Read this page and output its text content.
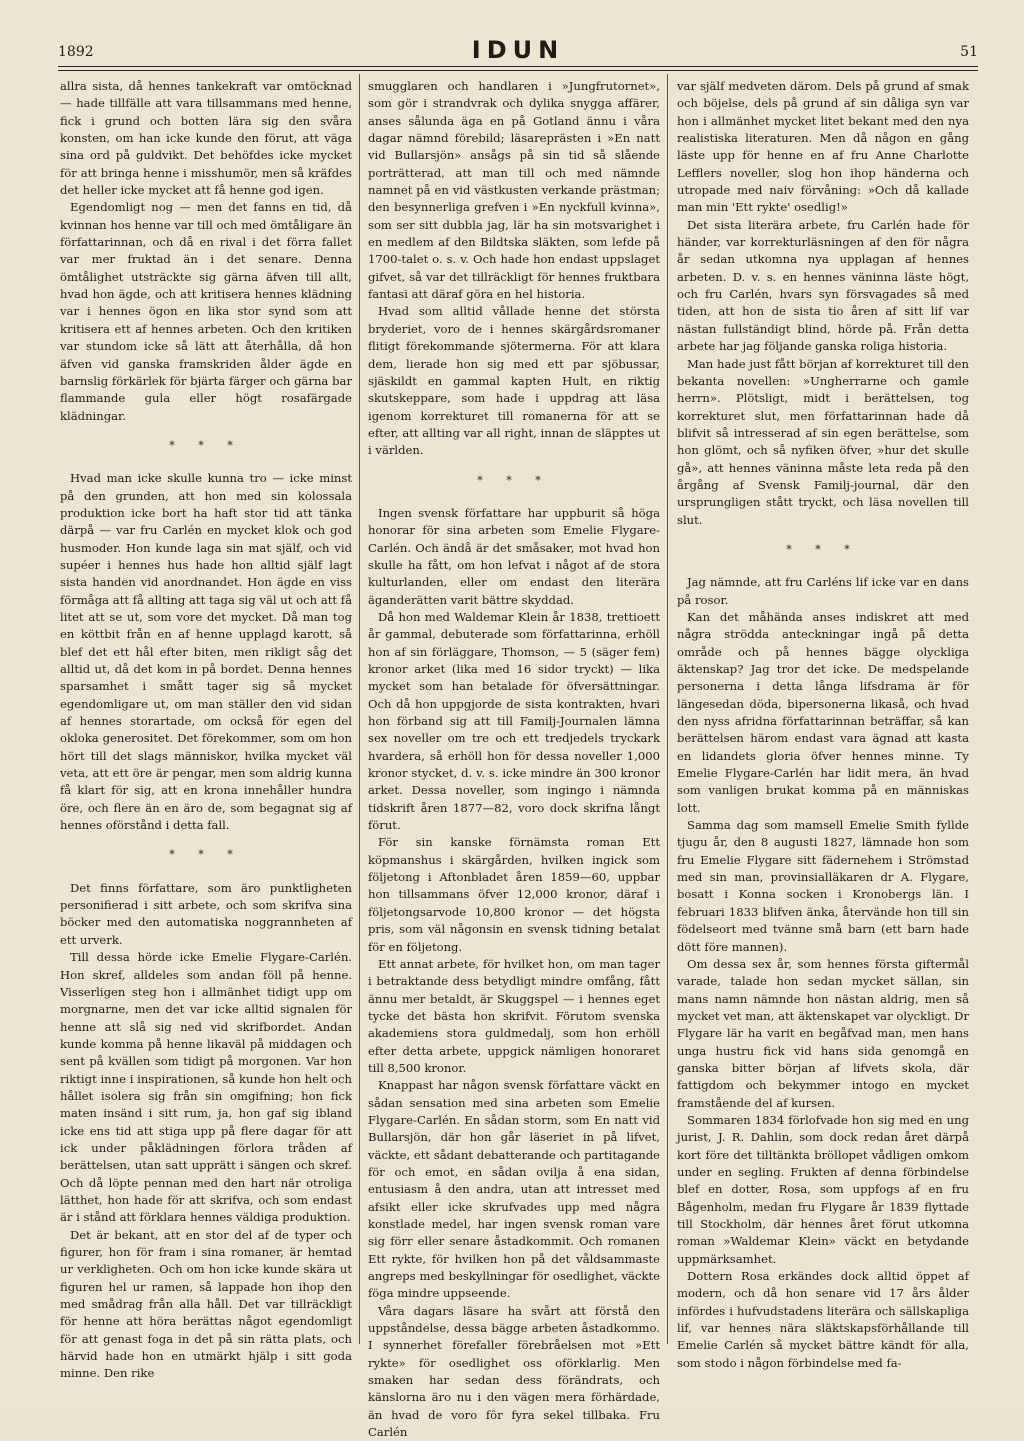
1892	IDUN	51

allra sista, då hennes tankekraft var omtöcknad — hade tillfälle att vara tillsammans med henne, fick i grund och botten lära sig den svåra konsten, om han icke kunde den förut, att väga sina ord på guldvikt. Det behöfdes icke mycket för att bringa henne i misshumör, men så kräfdes det heller icke mycket att få henne god igen.

Egendomligt nog — men det fanns en tid, då kvinnan hos henne var till och med ömtåligare än författarinnan, och då en rival i det förra fallet var mer fruktad än i det senare. Denna ömtålighet utsträckte sig gärna äfven till allt, hvad hon ägde, och att kritisera hennes klädning var i hennes ögon en lika stor synd som att kritisera ett af hennes arbeten. Och den kritiken var stundom icke så lätt att återhålla, då hon äfven vid ganska framskriden ålder ägde en barnslig förkärlek för bjärta färger och gärna bar flammande gula eller högt rosafärgade klädningar.

* * *

Hvad man icke skulle kunna tro — icke minst på den grunden, att hon med sin kolossala produktion icke bort ha haft stor tid att tänka därpå — var fru Carlén en mycket klok och god husmoder. Hon kunde laga sin mat själf, och vid supéer i hennes hus hade hon alltid själf lagt sista handen vid anordnandet. Hon ägde en viss förmåga att få allting att taga sig väl ut och att få litet att se ut, som vore det mycket. Då man tog en köttbit från en af henne upplagd karott, så blef det ett hål efter biten, men rikligt såg det alltid ut, då det kom in på bordet. Denna hennes sparsamhet i smått tager sig så mycket egendomligare ut, om man ställer den vid sidan af hennes storartade, om också för egen del okloka generositet. Det förekommer, som om hon hört till det slags människor, hvilka mycket väl veta, att ett öre är pengar, men som aldrig kunna få klart för sig, att en krona innehåller hundra öre, och flere än en äro de, som begagnat sig af hennes oförstånd i detta fall.

* * *

Det finns författare, som äro punktligheten personifierad i sitt arbete, och som skrifva sina böcker med den automatiska noggrannheten af ett urverk.

Till dessa hörde icke Emelie Flygare-Carlén. Hon skref, alldeles som andan föll på henne. Visserligen steg hon i allmänhet tidigt upp om morgnarne, men det var icke alltid signalen för henne att slå sig ned vid skrifbordet. Andan kunde komma på henne likaväl på middagen och sent på kvällen som tidigt på morgonen. Var hon riktigt inne i inspirationen, så kunde hon helt och hållet isolera sig från sin omgifning; hon fick maten insänd i sitt rum, ja, hon gaf sig ibland icke ens tid att stiga upp på flere dagar för att ick under påklädningen förlora tråden af berättelsen, utan satt upprätt i sängen och skref. Och då löpte pennan med den hart när otroliga lätthet, hon hade för att skrifva, och som endast är i stånd att förklara hennes väldiga produktion.

Det är bekant, att en stor del af de typer och figurer, hon för fram i sina romaner, är hemtad ur verkligheten. Och om hon icke kunde skära ut figuren hel ur ramen, så lappade hon ihop den med smådrag från alla håll. Det var tillräckligt för henne att höra berättas något egendomligt för att genast foga in det på sin rätta plats, och härvid hade hon en utmärkt hjälp i sitt goda minne. Den rike

smugglaren och handlaren i »Jungfrutornet», som gör i strandvrak och dylika snygga affärer, anses sålunda äga en på Gotland ännu i våra dagar nämnd förebild; läsareprästen i »En natt vid Bullarsjön» ansågs på sin tid så slående porträtterad, att man till och med nämnde namnet på en vid västkusten verkande prästman; den besynnerliga grefven i »En nyckfull kvinna», som ser sitt dubbla jag, lär ha sin motsvarighet i en medlem af den Bildtska släkten, som lefde på 1700-talet o. s. v. Och hade hon endast uppslaget gifvet, så var det tillräckligt för hennes fruktbara fantasi att däraf göra en hel historia.

Hvad som alltid vållade henne det största bryderiet, voro de i hennes skärgårdsromaner flitigt förekommande sjötermerna. För att klara dem, lierade hon sig med ett par sjöbussar, sjäskildt en gammal kapten Hult, en riktig skutskeppare, som hade i uppdrag att läsa igenom korrekturet till romanerna för att se efter, att allting var all right, innan de släpptes ut i världen.

* * *

Ingen svensk författare har uppburit så höga honorar för sina arbeten som Emelie Flygare-Carlén. Och ändå är det småsaker, mot hvad hon skulle ha fått, om hon lefvat i något af de stora kulturlanden, eller om endast den literära äganderätten varit bättre skyddad.

Då hon med Waldemar Klein år 1838, trettioett år gammal, debuterade som författarinna, erhöll hon af sin förläggare, Thomson, — 5 (säger fem) kronor arket (lika med 16 sidor tryckt) — lika mycket som han betalade för öfversättningar. Och då hon uppgjorde de sista kontrakten, hvari hon förband sig att till Familj-Journalen lämna sex noveller om tre och ett tredjedels tryckark hvardera, så erhöll hon för dessa noveller 1,000 kronor stycket, d. v. s. icke mindre än 300 kronor arket. Dessa noveller, som ingingo i nämnda tidskrift åren 1877—82, voro dock skrifna långt förut.

För sin kanske förnämsta roman Ett köpmanshus i skärgården, hvilken ingick som följetong i Aftonbladet åren 1859—60, uppbar hon tillsammans öfver 12,000 kronor, däraf i följetongsarvode 10,800 kronor — det högsta pris, som väl någonsin en svensk tidning betalat för en följetong.

Ett annat arbete, för hvilket hon, om man tager i betraktande dess betydligt mindre omfång, fått ännu mer betaldt, är Skuggspel — i hennes eget tycke det bästa hon skrifvit. Förutom svenska akademiens stora guldmedalj, som hon erhöll efter detta arbete, uppgick nämligen honoraret till 8,500 kronor.

Knappast har någon svensk författare väckt en sådan sensation med sina arbeten som Emelie Flygare-Carlén. En sådan storm, som En natt vid Bullarsjön, där hon går läseriet in på lifvet, väckte, ett sådant debatterande och partitagande för och emot, en sådan ovilja å ena sidan, entusiasm å den andra, utan att intresset med afsikt eller icke skrufvades upp med några konstlade medel, har ingen svensk roman vare sig förr eller senare åstadkommit. Och romanen Ett rykte, för hvilken hon på det våldsammaste angreps med beskyllningar för osedlighet, väckte föga mindre uppseende.

Våra dagars läsare ha svårt att förstå den uppståndelse, dessa bägge arbeten åstadkommo. I synnerhet förefaller förebråelsen mot »Ett rykte» för osedlighet oss oförklarlig. Men smaken har sedan dess förändrats, och känslorna äro nu i den vägen mera förhärdade, än hvad de voro för fyra sekel tillbaka. Fru Carlén

var själf medveten därom. Dels på grund af smak och böjelse, dels på grund af sin dåliga syn var hon i allmänhet mycket litet bekant med den nya realistiska literaturen. Men då någon en gång läste upp för henne en af fru Anne Charlotte Lefflers noveller, slog hon ihop händerna och utropade med naiv förvåning: »Och då kallade man min 'Ett rykte' osedlig!»

Det sista literära arbete, fru Carlén hade för händer, var korrekturläsningen af den för några år sedan utkomna nya upplagan af hennes arbeten. D. v. s. en hennes väninna läste högt, och fru Carlén, hvars syn försvagades så med tiden, att hon de sista tio åren af sitt lif var nästan fullständigt blind, hörde på. Från detta arbete har jag följande ganska roliga historia.

Man hade just fått början af korrekturet till den bekanta novellen: »Ungherrarne och gamle herrn». Plötsligt, midt i berättelsen, tog korrekturet slut, men författarinnan hade då blifvit så intresserad af sin egen berättelse, som hon glömt, och så nyfiken öfver, »hur det skulle gå», att hennes väninna måste leta reda på den årgång af Svensk Familj-journal, där den ursprungligen stått tryckt, och läsa novellen till slut.

* * *

Jag nämnde, att fru Carléns lif icke var en dans på rosor.

Kan det måhända anses indiskret att med några strödda anteckningar ingå på detta område och på hennes bägge olyckliga äktenskap? Jag tror det icke. De medspelande personerna i detta långa lifsdrama är för längesedan döda, bipersonerna likaså, och hvad den nyss afridna författarinnan beträffar, så kan berättelsen härom endast vara ägnad att kasta en lidandets gloria öfver hennes minne. Ty Emelie Flygare-Carlén har lidit mera, än hvad som vanligen brukat komma på en människas lott.

Samma dag som mamsell Emelie Smith fyllde tjugu år, den 8 augusti 1827, lämnade hon som fru Emelie Flygare sitt fädernehem i Strömstad med sin man, provinsialläkaren dr A. Flygare, bosatt i Konna socken i Kronobergs län. I februari 1833 blifven änka, återvände hon till sin födelseort med tvänne små barn (ett barn hade dött före mannen).

Om dessa sex år, som hennes första giftermål varade, talade hon sedan mycket sällan, sin mans namn nämnde hon nästan aldrig, men så mycket vet man, att äktenskapet var olyckligt. Dr Flygare lär ha varit en begåfvad man, men hans unga hustru fick vid hans sida genomgå en ganska bitter början af lifvets skola, där fattigdom och bekymmer intogo en mycket framstående del af kursen.

Sommaren 1834 förlofvade hon sig med en ung jurist, J. R. Dahlin, som dock redan året därpå kort före det tilltänkta bröllopet vådligen omkom under en segling. Frukten af denna förbindelse blef en dotter, Rosa, som uppfogs af en fru Bågenholm, medan fru Flygare år 1839 flyttade till Stockholm, där hennes året förut utkomna roman »Waldemar Klein» väckt en betydande uppmärksamhet.

Dottern Rosa erkändes dock alltid öppet af modern, och då hon senare vid 17 års ålder infördes i hufvudstadens literära och sällskapliga lif, var hennes nära släktskapsförhållande till Emelie Carlén så mycket bättre kändt för alla, som stodo i någon förbindelse med fa-
